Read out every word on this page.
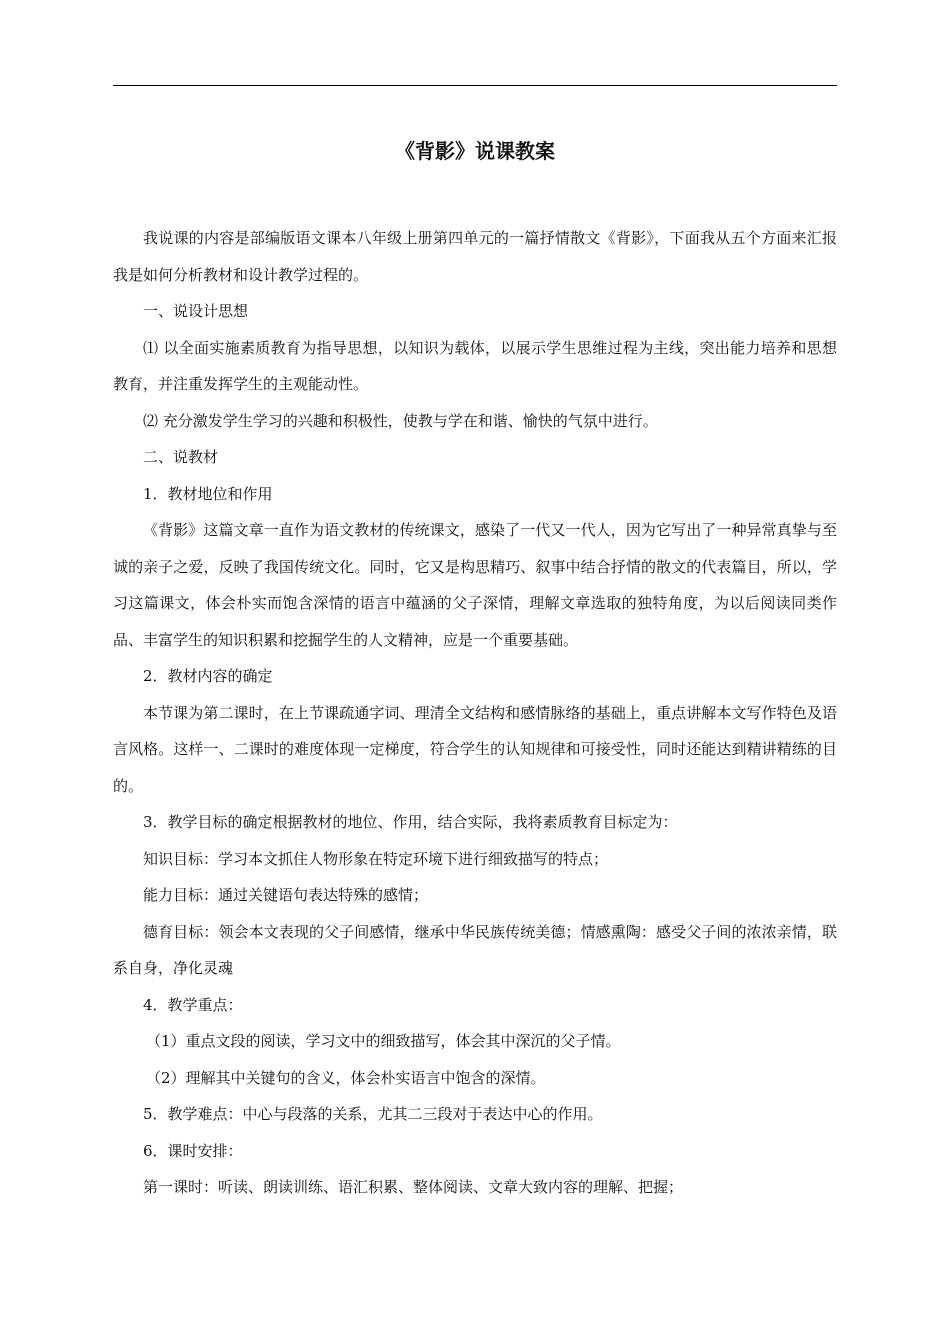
《背影》说课教案

我说课的内容是部编版语文课本八年级上册第四单元的一篇抒情散文《背影》，下面我从五个方面来汇报我是如何分析教材和设计教学过程的。

一、说设计思想

⑴ 以全面实施素质教育为指导思想，以知识为载体，以展示学生思维过程为主线，突出能力培养和思想教育，并注重发挥学生的主观能动性。

⑵ 充分激发学生学习的兴趣和积极性，使教与学在和谐、愉快的气氛中进行。

二、说教材

1．教材地位和作用

《背影》这篇文章一直作为语文教材的传统课文，感染了一代又一代人，因为它写出了一种异常真挚与至诚的亲子之爱，反映了我国传统文化。同时，它又是构思精巧、叙事中结合抒情的散文的代表篇目，所以，学习这篇课文，体会朴实而饱含深情的语言中蕴涵的父子深情，理解文章选取的独特角度，为以后阅读同类作品、丰富学生的知识积累和挖掘学生的人文精神，应是一个重要基础。

2．教材内容的确定

本节课为第二课时，在上节课疏通字词、理清全文结构和感情脉络的基础上，重点讲解本文写作特色及语言风格。这样一、二课时的难度体现一定梯度，符合学生的认知规律和可接受性，同时还能达到精讲精练的目的。

3．教学目标的确定根据教材的地位、作用，结合实际，我将素质教育目标定为：

知识目标：学习本文抓住人物形象在特定环境下进行细致描写的特点；

能力目标：通过关键语句表达特殊的感情；

德育目标：领会本文表现的父子间感情，继承中华民族传统美德；情感熏陶：感受父子间的浓浓亲情，联系自身，净化灵魂

4．教学重点：

（1）重点文段的阅读，学习文中的细致描写，体会其中深沉的父子情。

（2）理解其中关键句的含义，体会朴实语言中饱含的深情。

5．教学难点：中心与段落的关系，尤其二三段对于表达中心的作用。

6．课时安排：

第一课时：听读、朗读训练、语汇积累、整体阅读、文章大致内容的理解、把握；
